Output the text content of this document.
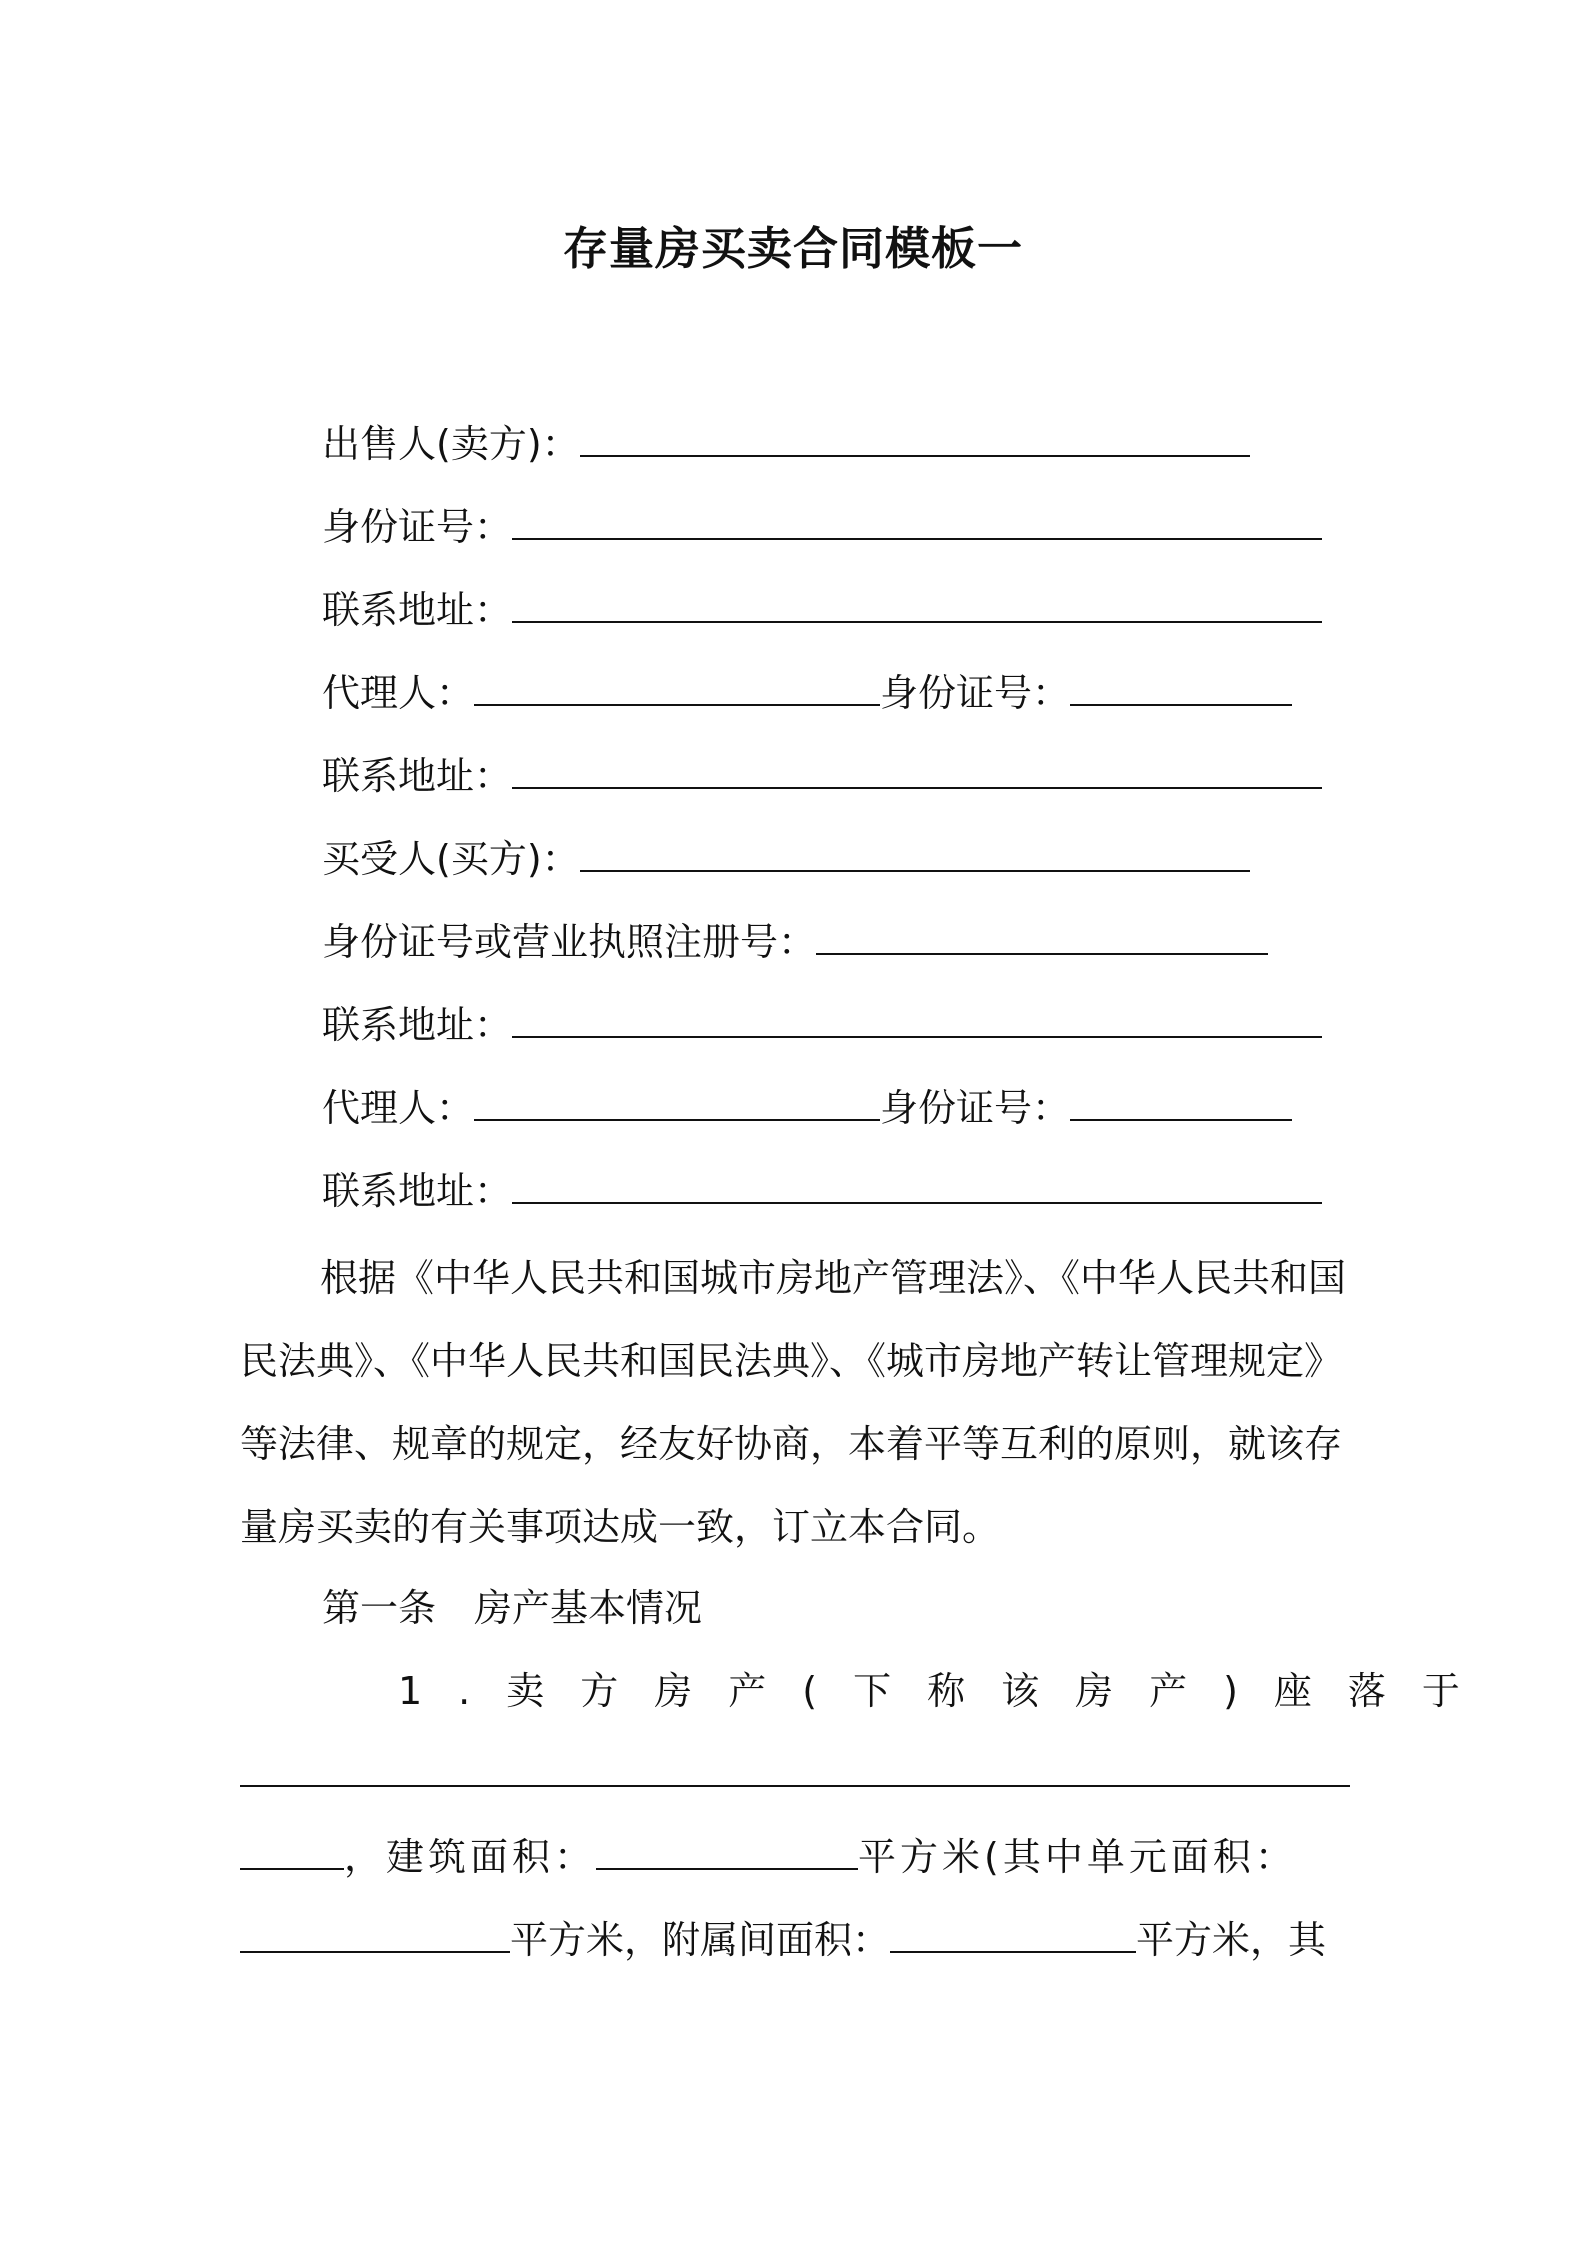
存量房买卖合同模板一
出售人(卖方)：
身份证号：
联系地址：
代理人：	身份证号：
联系地址：
买受人(买方)：
身份证号或营业执照注册号：
联系地址：
代理人：	身份证号：
联系地址：
根据《中华人民共和国城市房地产管理法》、《中华人民共和国民法典》、《中华人民共和国民法典》、《城市房地产转让管理规定》等法律、规章的规定，经友好协商，本着平等互利的原则，就该存量房买卖的有关事项达成一致，订立本合同。
第一条　房产基本情况
1.卖方房产(下称该房产)座落于
，建筑面积：	平方米(其中单元面积：
平方米，附属间面积：	平方米，其
